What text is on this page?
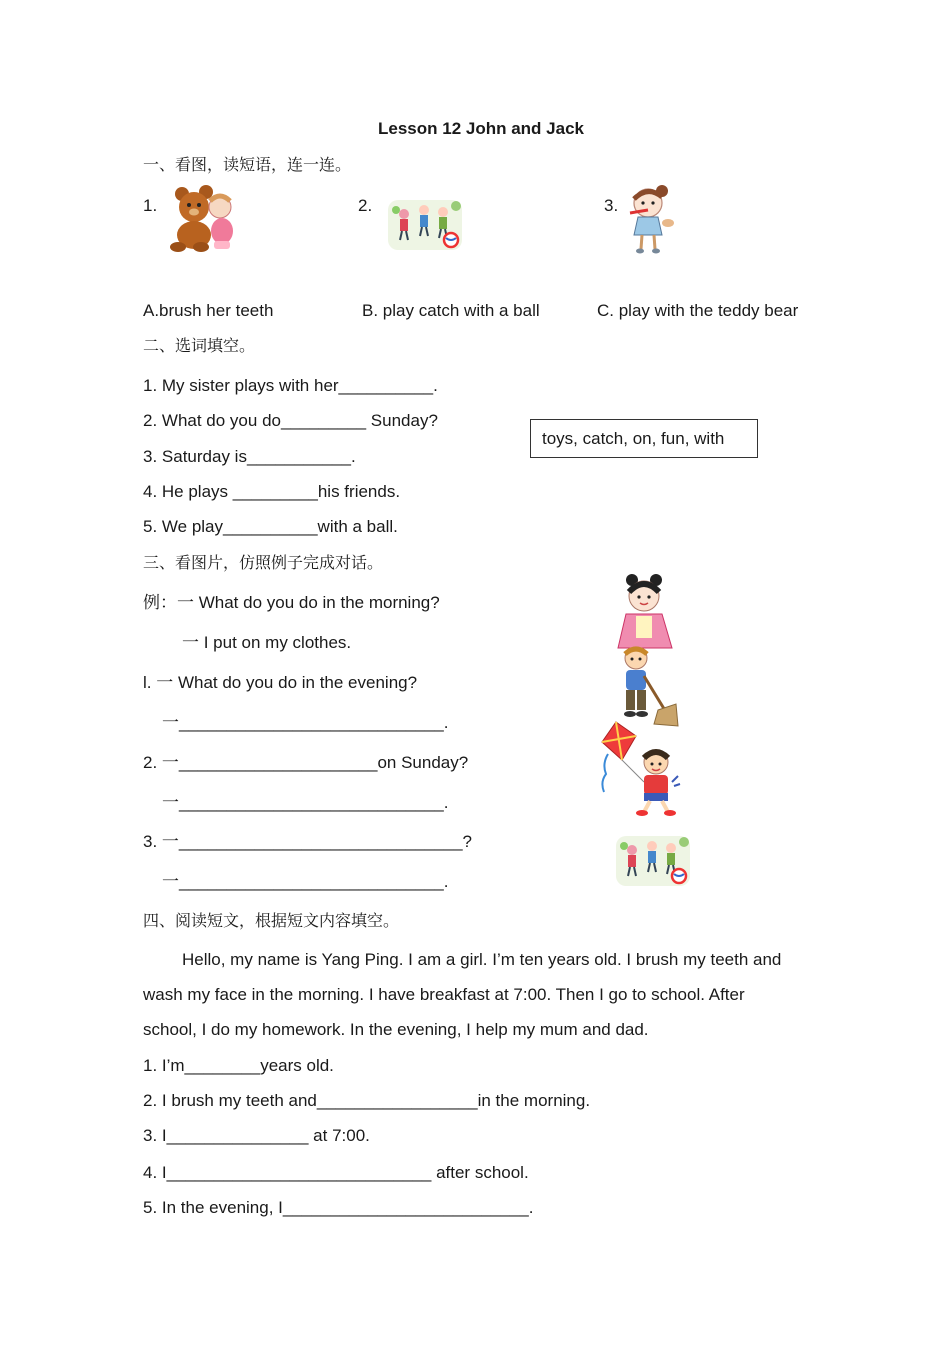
Lesson 12 John and Jack
一、看图，读短语，连一连。
1.	2.	3.
A.brush her teeth	B. play catch with a ball	C. play with the teddy bear
二、选词填空。
1. My sister plays with her__________.
2. What do you do_________ Sunday?
3. Saturday is___________.
4. He plays _________his friends.
5. We play__________with a ball.
toys, catch, on, fun, with
三、看图片，仿照例子完成对话。
例：一 What do you do in the morning?
一 I put on my clothes.
l. 一 What do you do in the evening?
一____________________________.
2. 一_____________________on Sunday?
一____________________________.
3. 一______________________________?
一____________________________.
四、阅读短文，根据短文内容填空。
Hello, my name is Yang Ping. I am a girl. I’m ten years old. I brush my teeth and
wash my face in the morning. I have breakfast at 7:00. Then I go to school. After
school, I do my homework. In the evening, I help my mum and dad.
1. I’m________years old.
2. I brush my teeth and_________________in the morning.
3. I_______________ at 7:00.
4. I____________________________ after school.
5. In the evening, I__________________________.
